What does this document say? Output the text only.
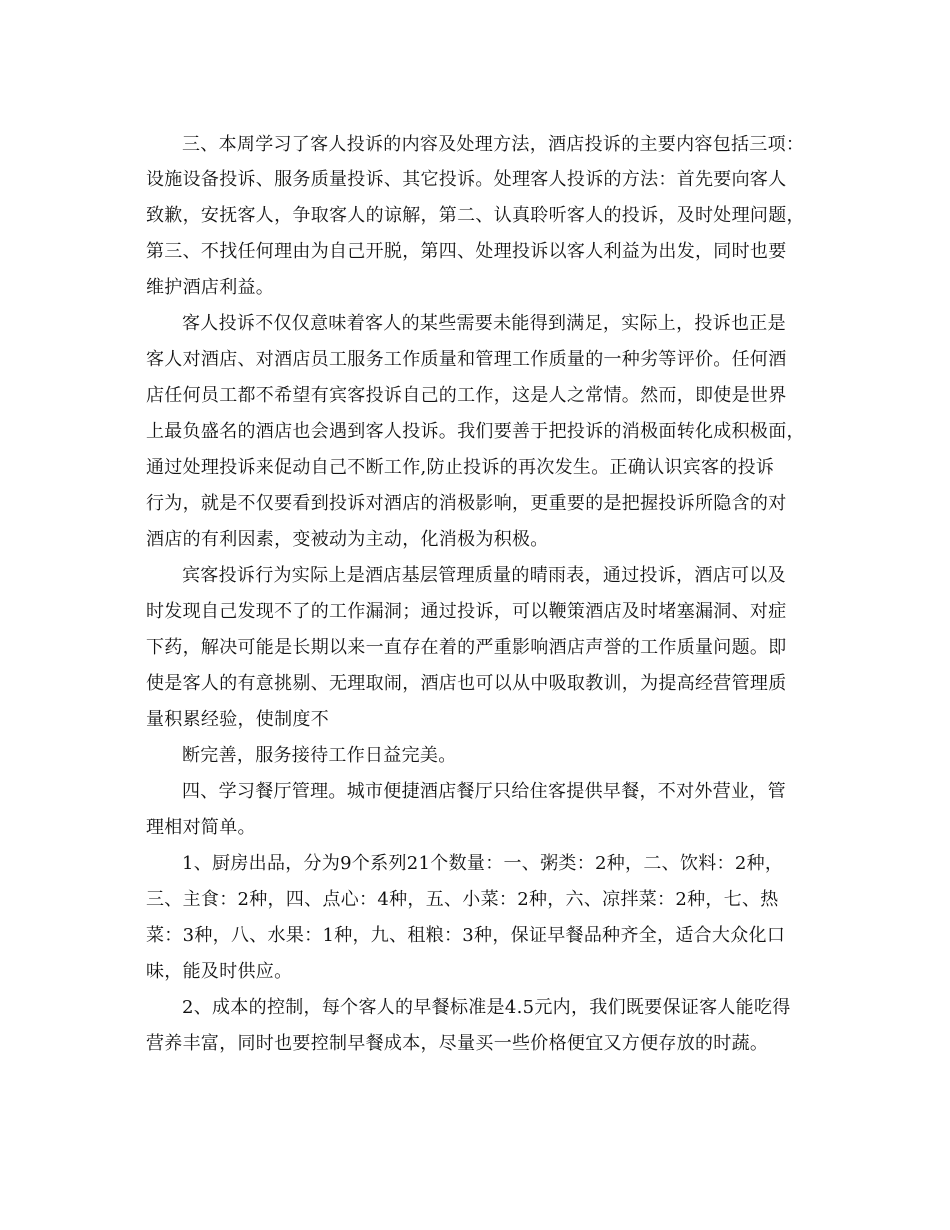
三、本周学习了客人投诉的内容及处理方法，酒店投诉的主要内容包括三项：
设施设备投诉、服务质量投诉、其它投诉。处理客人投诉的方法：首先要向客人
致歉，安抚客人，争取客人的谅解，第二、认真聆听客人的投诉，及时处理问题，
第三、不找任何理由为自己开脱，第四、处理投诉以客人利益为出发，同时也要
维护酒店利益。
客人投诉不仅仅意味着客人的某些需要未能得到满足，实际上，投诉也正是
客人对酒店、对酒店员工服务工作质量和管理工作质量的一种劣等评价。任何酒
店任何员工都不希望有宾客投诉自己的工作，这是人之常情。然而，即使是世界
上最负盛名的酒店也会遇到客人投诉。我们要善于把投诉的消极面转化成积极面，
通过处理投诉来促动自己不断工作,防止投诉的再次发生。正确认识宾客的投诉
行为，就是不仅要看到投诉对酒店的消极影响，更重要的是把握投诉所隐含的对
酒店的有利因素，变被动为主动，化消极为积极。
宾客投诉行为实际上是酒店基层管理质量的晴雨表，通过投诉，酒店可以及
时发现自己发现不了的工作漏洞；通过投诉，可以鞭策酒店及时堵塞漏洞、对症
下药，解决可能是长期以来一直存在着的严重影响酒店声誉的工作质量问题。即
使是客人的有意挑剔、无理取闹，酒店也可以从中吸取教训，为提高经营管理质
量积累经验，使制度不
断完善，服务接待工作日益完美。
四、学习餐厅管理。城市便捷酒店餐厅只给住客提供早餐，不对外营业，管
理相对简单。
1、厨房出品，分为9个系列21个数量：一、粥类：2种，二、饮料：2种，
三、主食：2种，四、点心：4种，五、小菜：2种，六、凉拌菜：2种，七、热
菜：3种，八、水果：1种，九、租粮：3种，保证早餐品种齐全，适合大众化口
味，能及时供应。
2、成本的控制，每个客人的早餐标准是4.5元内，我们既要保证客人能吃得
营养丰富，同时也要控制早餐成本，尽量买一些价格便宜又方便存放的时蔬。
